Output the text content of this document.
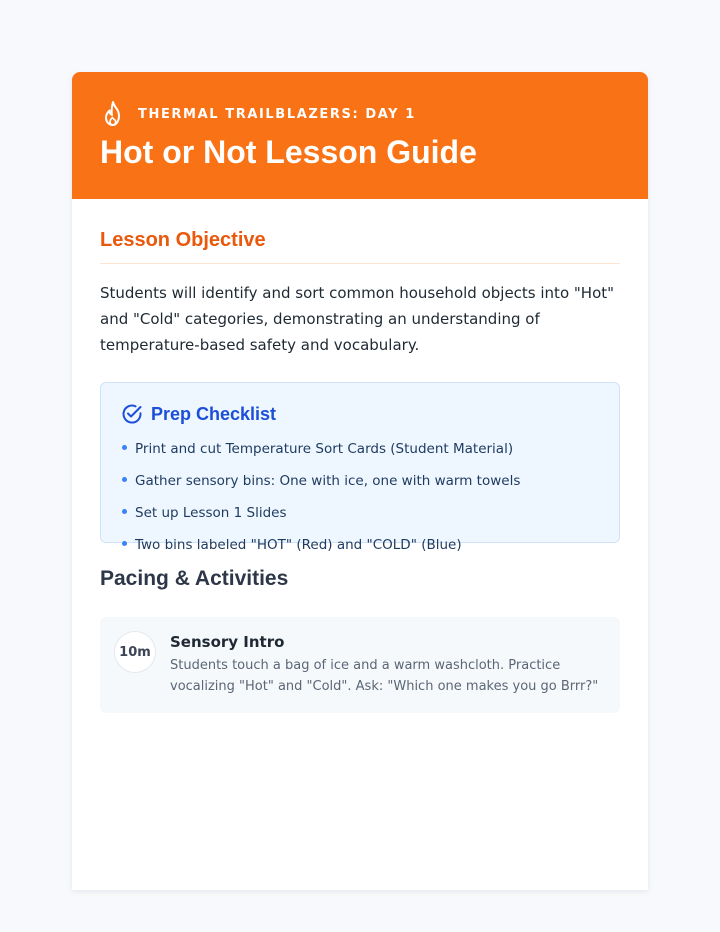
THERMAL TRAILBLAZERS: DAY 1
Hot or Not Lesson Guide
Lesson Objective

Students will identify and sort common household objects into "Hot" and "Cold" categories, demonstrating an understanding of temperature-based safety and vocabulary.

Prep Checklist
Print and cut Temperature Sort Cards (Student Material)
Gather sensory bins: One with ice, one with warm towels
Set up Lesson 1 Slides
Two bins labeled "HOT" (Red) and "COLD" (Blue)
Pacing & Activities
10m
Sensory Intro
Students touch a bag of ice and a warm washcloth. Practice vocalizing "Hot" and "Cold". Ask: "Which one makes you go Brrr?"
